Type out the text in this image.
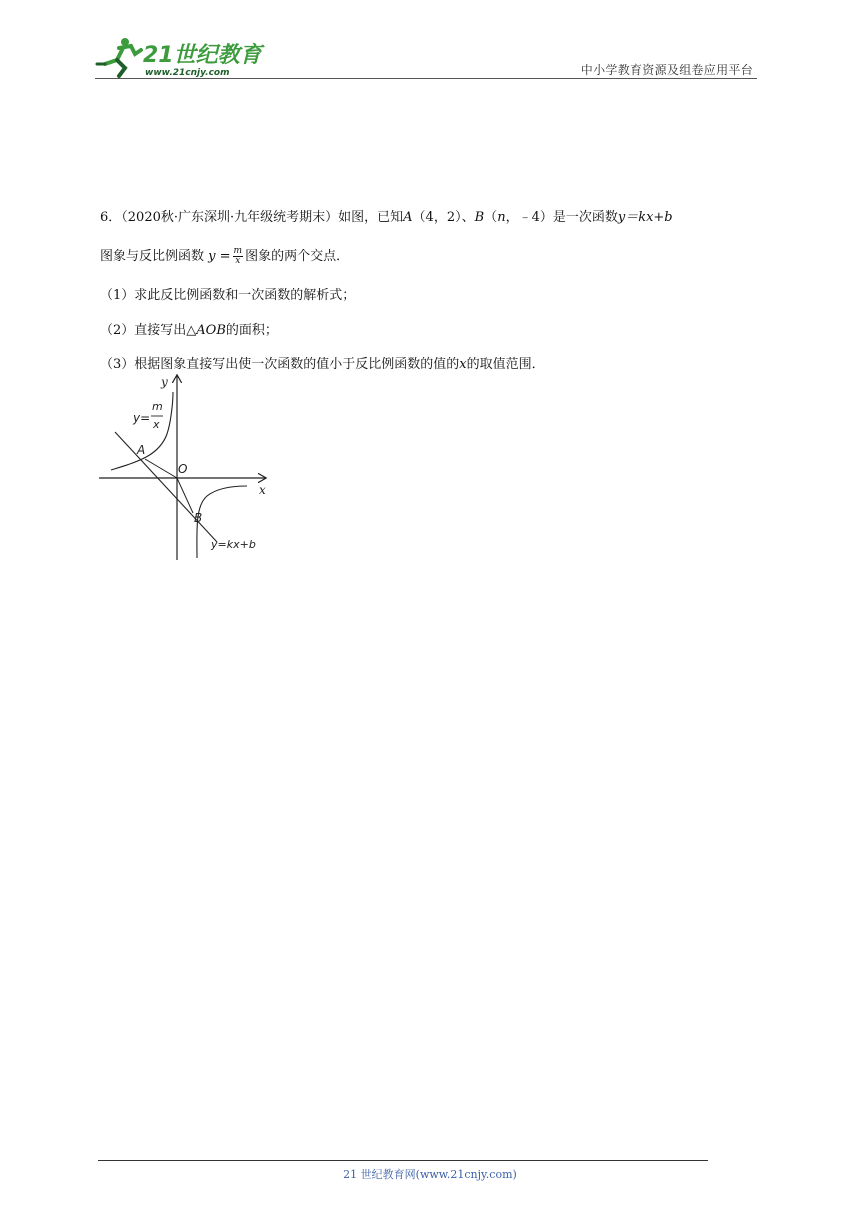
21世纪教育
www.21cnjy.com	中小学教育资源及组卷应用平台
6．（2020秋·广东深圳·九年级统考期末）如图，已知A（4，2）、B（n，﹣4）是一次函数y＝kx+b
图象与反比例函数 $y = \frac{m}{x}$ 图象的两个交点．
（1）求此反比例函数和一次函数的解析式；
（2）直接写出△AOB的面积；
（3）根据图象直接写出使一次函数的值小于反比例函数的值的x的取值范围．
y
x
O
A
B
y=
m
x
y=kx+b
21 世纪教育网(www.21cnjy.com)
